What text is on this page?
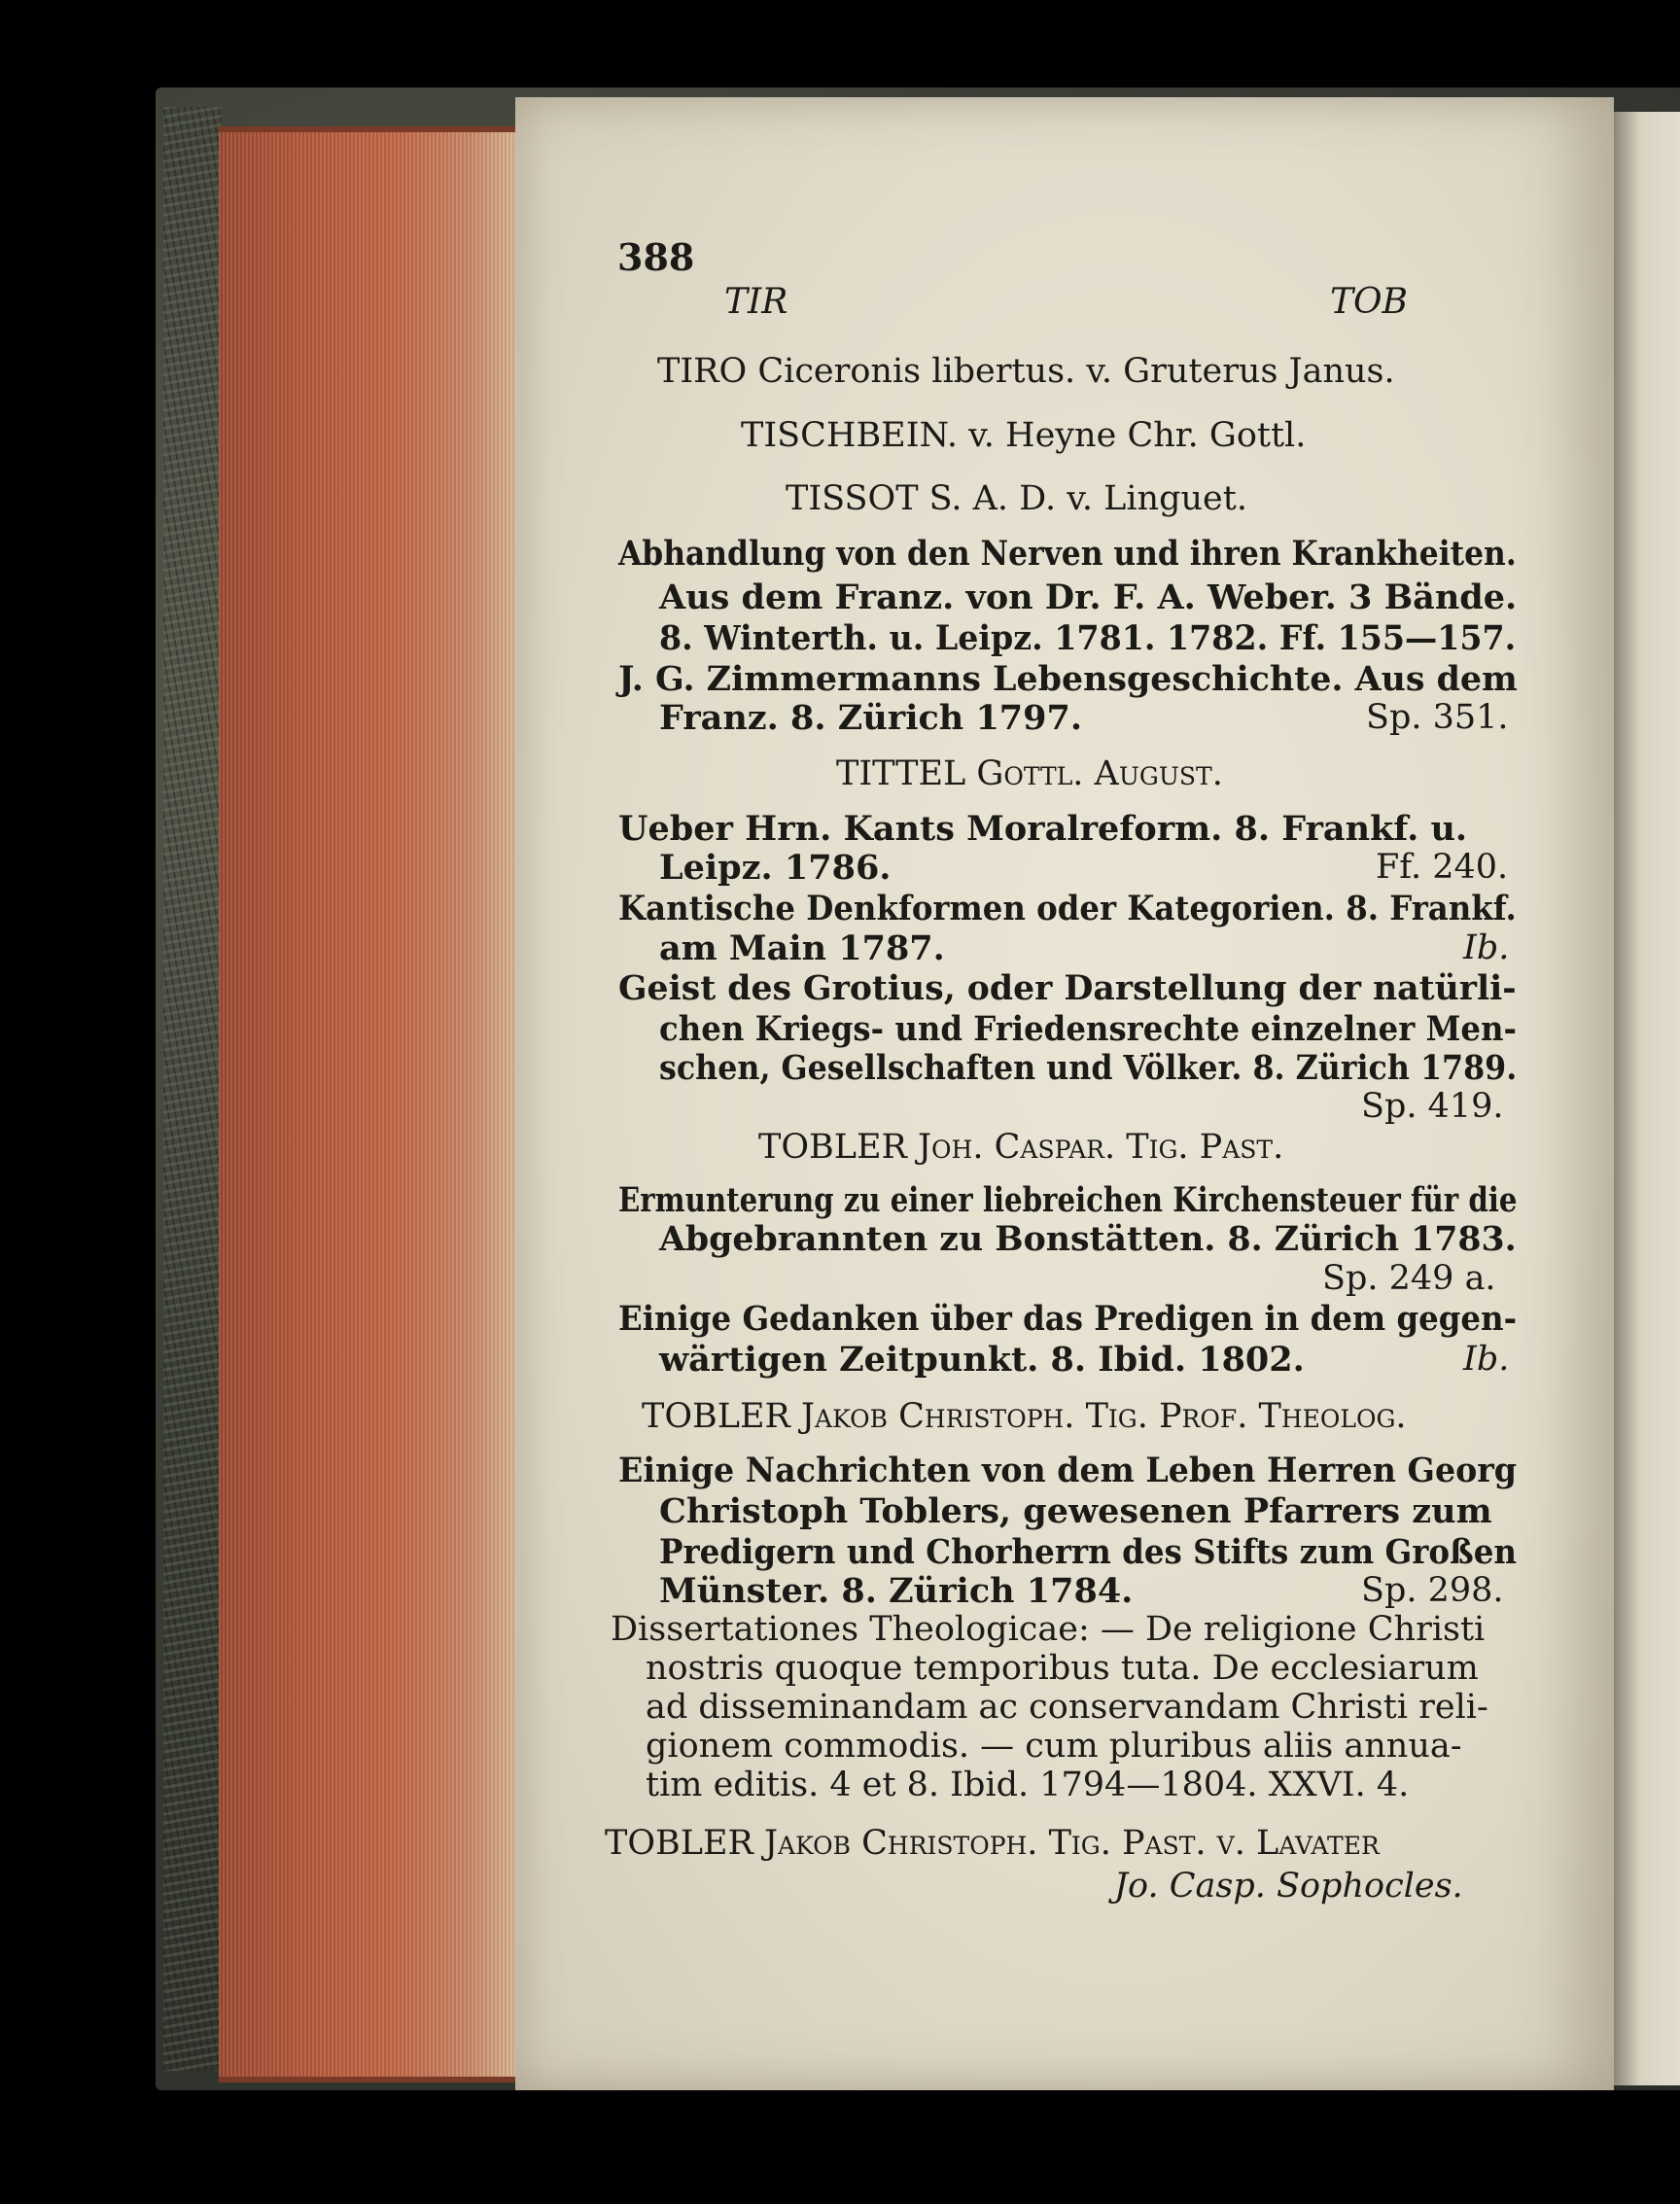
388
TIR	TOB
TIRO Ciceronis libertus. v. Gruterus Janus.
TISCHBEIN. v. Heyne Chr. Gottl.
TISSOT S. A. D. v. Linguet.
Abhandlung von den Nerven und ihren Krankheiten.
Aus dem Franz. von Dr. F. A. Weber. 3 Bände.
8. Winterth. u. Leipz. 1781. 1782. Ff. 155—157.
J. G. Zimmermanns Lebensgeschichte. Aus dem
Franz. 8. Zürich 1797.	Sp. 351.
TITTEL Gottl. August.
Ueber Hrn. Kants Moralreform. 8. Frankf. u.
Leipz. 1786.	Ff. 240.
Kantische Denkformen oder Kategorien. 8. Frankf.
am Main 1787.	Ib.
Geist des Grotius, oder Darstellung der natürli-
chen Kriegs- und Friedensrechte einzelner Men-
schen, Gesellschaften und Völker. 8. Zürich 1789.
Sp. 419.
TOBLER Joh. Caspar. Tig. Past.
Ermunterung zu einer liebreichen Kirchensteuer für die
Abgebrannten zu Bonstätten. 8. Zürich 1783.
Sp. 249 a.
Einige Gedanken über das Predigen in dem gegen-
wärtigen Zeitpunkt. 8. Ibid. 1802.	Ib.
TOBLER Jakob Christoph. Tig. Prof. Theolog.
Einige Nachrichten von dem Leben Herren Georg
Christoph Toblers, gewesenen Pfarrers zum
Predigern und Chorherrn des Stifts zum Großen
Münster. 8. Zürich 1784.	Sp. 298.
Dissertationes Theologicae: — De religione Christi
nostris quoque temporibus tuta. De ecclesiarum
ad disseminandam ac conservandam Christi reli-
gionem commodis. — cum pluribus aliis annua-
tim editis. 4 et 8. Ibid. 1794—1804. XXVI. 4.
TOBLER Jakob Christoph. Tig. Past. v. Lavater
Jo. Casp. Sophocles.
